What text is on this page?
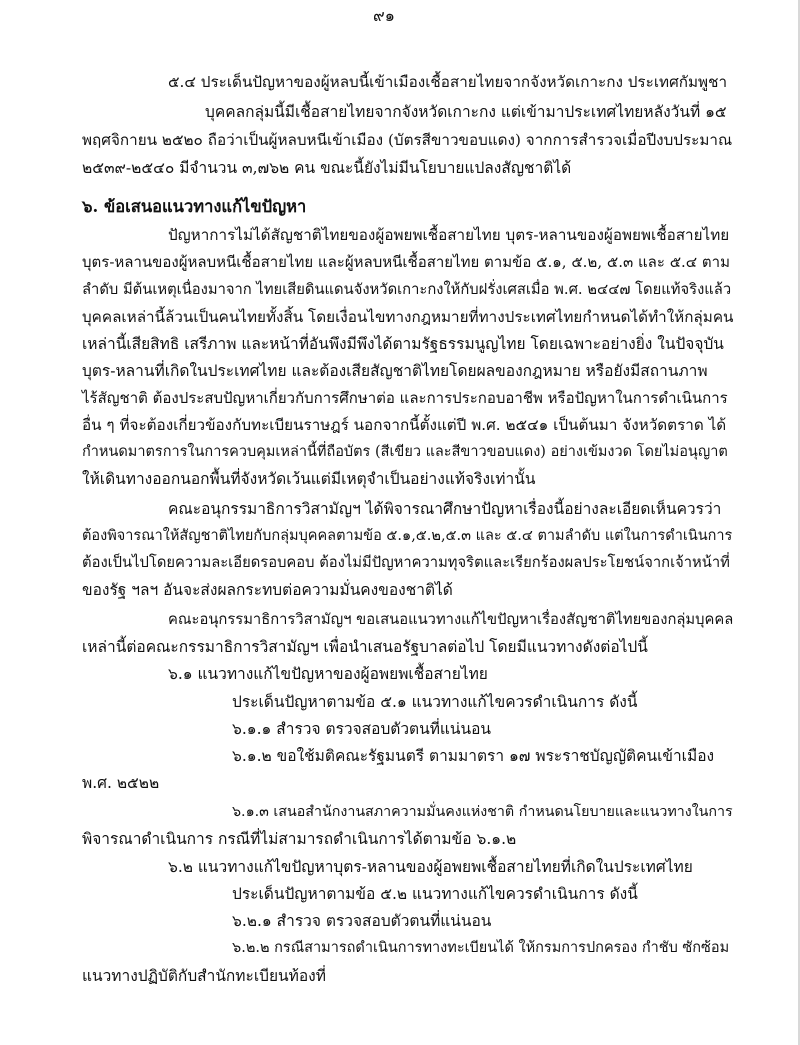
๙๑
๕.๔ ประเด็นปัญหาของผู้หลบนี้เข้าเมืองเชื้อสายไทยจากจังหวัดเกาะกง ประเทศกัมพูชา
บุคคลกลุ่มนี้มีเชื้อสายไทยจากจังหวัดเกาะกง แต่เข้ามาประเทศไทยหลังวันที่ ๑๕
พฤศจิกายน ๒๕๒๐ ถือว่าเป็นผู้หลบหนีเข้าเมือง (บัตรสีขาวขอบแดง) จากการสำรวจเมื่อปีงบประมาณ
๒๕๓๙-๒๕๔๐ มีจำนวน ๓,๗๖๒ คน ขณะนี้ยังไม่มีนโยบายแปลงสัญชาติได้
๖. ข้อเสนอแนวทางแก้ไขปัญหา
ปัญหาการไม่ได้สัญชาติไทยของผู้อพยพเชื้อสายไทย บุตร-หลานของผู้อพยพเชื้อสายไทย
บุตร-หลานของผู้หลบหนีเชื้อสายไทย และผู้หลบหนีเชื้อสายไทย ตามข้อ ๕.๑, ๕.๒, ๕.๓ และ ๕.๔ ตาม
ลำดับ มีต้นเหตุเนื่องมาจาก ไทยเสียดินแดนจังหวัดเกาะกงให้กับฝรั่งเศสเมื่อ พ.ศ. ๒๔๔๗ โดยแท้จริงแล้ว
บุคคลเหล่านี้ล้วนเป็นคนไทยทั้งสิ้น โดยเงื่อนไขทางกฎหมายที่ทางประเทศไทยกำหนดได้ทำให้กลุ่มคน
เหล่านี้เสียสิทธิ เสรีภาพ และหน้าที่อันพึงมีพึงได้ตามรัฐธรรมนูญไทย โดยเฉพาะอย่างยิ่ง ในปัจจุบัน
บุตร-หลานที่เกิดในประเทศไทย และต้องเสียสัญชาติไทยโดยผลของกฎหมาย หรือยังมีสถานภาพ
ไร้สัญชาติ ต้องประสบปัญหาเกี่ยวกับการศึกษาต่อ และการประกอบอาชีพ หรือปัญหาในการดำเนินการ
อื่น ๆ ที่จะต้องเกี่ยวข้องกับทะเบียนราษฎร์ นอกจากนี้ตั้งแต่ปี พ.ศ. ๒๕๔๑ เป็นต้นมา จังหวัดตราด ได้
กำหนดมาตรการในการควบคุมเหล่านี้ที่ถือบัตร (สีเขียว และสีขาวขอบแดง) อย่างเข้มงวด โดยไม่อนุญาต
ให้เดินทางออกนอกพื้นที่จังหวัดเว้นแต่มีเหตุจำเป็นอย่างแท้จริงเท่านั้น
คณะอนุกรรมาธิการวิสามัญฯ ได้พิจารณาศึกษาปัญหาเรื่องนี้อย่างละเอียดเห็นควรว่า
ต้องพิจารณาให้สัญชาติไทยกับกลุ่มบุคคลตามข้อ ๕.๑,๕.๒,๕.๓ และ ๕.๔ ตามลำดับ แต่ในการดำเนินการ
ต้องเป็นไปโดยความละเอียดรอบคอบ ต้องไม่มีปัญหาความทุจริตและเรียกร้องผลประโยชน์จากเจ้าหน้าที่
ของรัฐ ฯลฯ อันจะส่งผลกระทบต่อความมั่นคงของชาติได้
คณะอนุกรรมาธิการวิสามัญฯ ขอเสนอแนวทางแก้ไขปัญหาเรื่องสัญชาติไทยของกลุ่มบุคคล
เหล่านี้ต่อคณะกรรมาธิการวิสามัญฯ เพื่อนำเสนอรัฐบาลต่อไป โดยมีแนวทางดังต่อไปนี้
๖.๑ แนวทางแก้ไขปัญหาของผู้อพยพเชื้อสายไทย
ประเด็นปัญหาตามข้อ ๕.๑ แนวทางแก้ไขควรดำเนินการ ดังนี้
๖.๑.๑ สำรวจ ตรวจสอบตัวตนที่แน่นอน
๖.๑.๒ ขอใช้มติคณะรัฐมนตรี ตามมาตรา ๑๗ พระราชบัญญัติคนเข้าเมือง
พ.ศ. ๒๕๒๒
๖.๑.๓ เสนอสำนักงานสภาความมั่นคงแห่งชาติ กำหนดนโยบายและแนวทางในการ
พิจารณาดำเนินการ กรณีที่ไม่สามารถดำเนินการได้ตามข้อ ๖.๑.๒
๖.๒ แนวทางแก้ไขปัญหาบุตร-หลานของผู้อพยพเชื้อสายไทยที่เกิดในประเทศไทย
ประเด็นปัญหาตามข้อ ๕.๒ แนวทางแก้ไขควรดำเนินการ ดังนี้
๖.๒.๑ สำรวจ ตรวจสอบตัวตนที่แน่นอน
๖.๒.๒ กรณีสามารถดำเนินการทางทะเบียนได้ ให้กรมการปกครอง กำชับ ซักซ้อม
แนวทางปฏิบัติกับสำนักทะเบียนท้องที่
